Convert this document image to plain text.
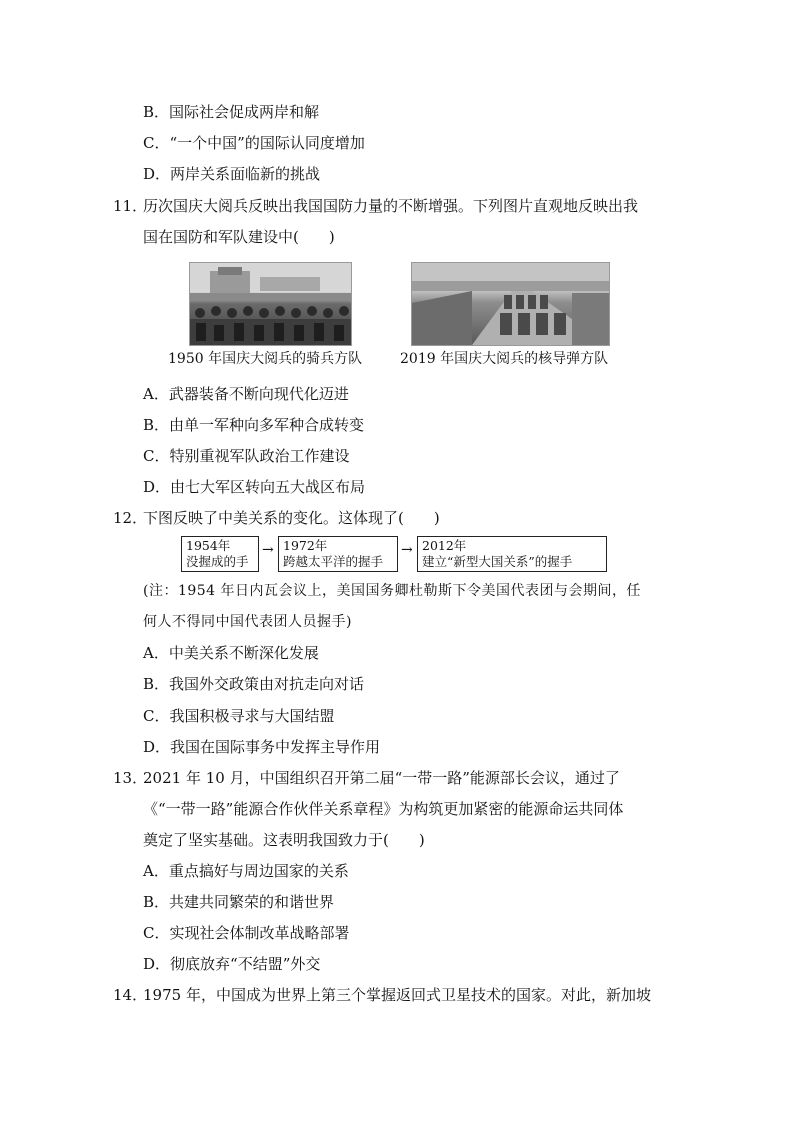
B．国际社会促成两岸和解
C．“一个中国”的国际认同度增加
D．两岸关系面临新的挑战
11．
历次国庆大阅兵反映出我国国防力量的不断增强。下列图片直观地反映出我
国在国防和军队建设中(　　)
1950 年国庆大阅兵的骑兵方队	2019 年国庆大阅兵的核导弹方队
A．武器装备不断向现代化迈进
B．由单一军种向多军种合成转变
C．特别重视军队政治工作建设
D．由七大军区转向五大战区布局
12．
下图反映了中美关系的变化。这体现了(　　)
1954年
没握成的手
→ 1972年
跨越太平洋的握手
→ 2012年
建立“新型大国关系”的握手
(注：1954 年日内瓦会议上，美国国务卿杜勒斯下令美国代表团与会期间，任
何人不得同中国代表团人员握手)
A．中美关系不断深化发展
B．我国外交政策由对抗走向对话
C．我国积极寻求与大国结盟
D．我国在国际事务中发挥主导作用
13．
2021 年 10 月，中国组织召开第二届“一带一路”能源部长会议，通过了
《“一带一路”能源合作伙伴关系章程》为构筑更加紧密的能源命运共同体
奠定了坚实基础。这表明我国致力于(　　)
A．重点搞好与周边国家的关系
B．共建共同繁荣的和谐世界
C．实现社会体制改革战略部署
D．彻底放弃“不结盟”外交
14．
1975 年，中国成为世界上第三个掌握返回式卫星技术的国家。对此，新加坡
